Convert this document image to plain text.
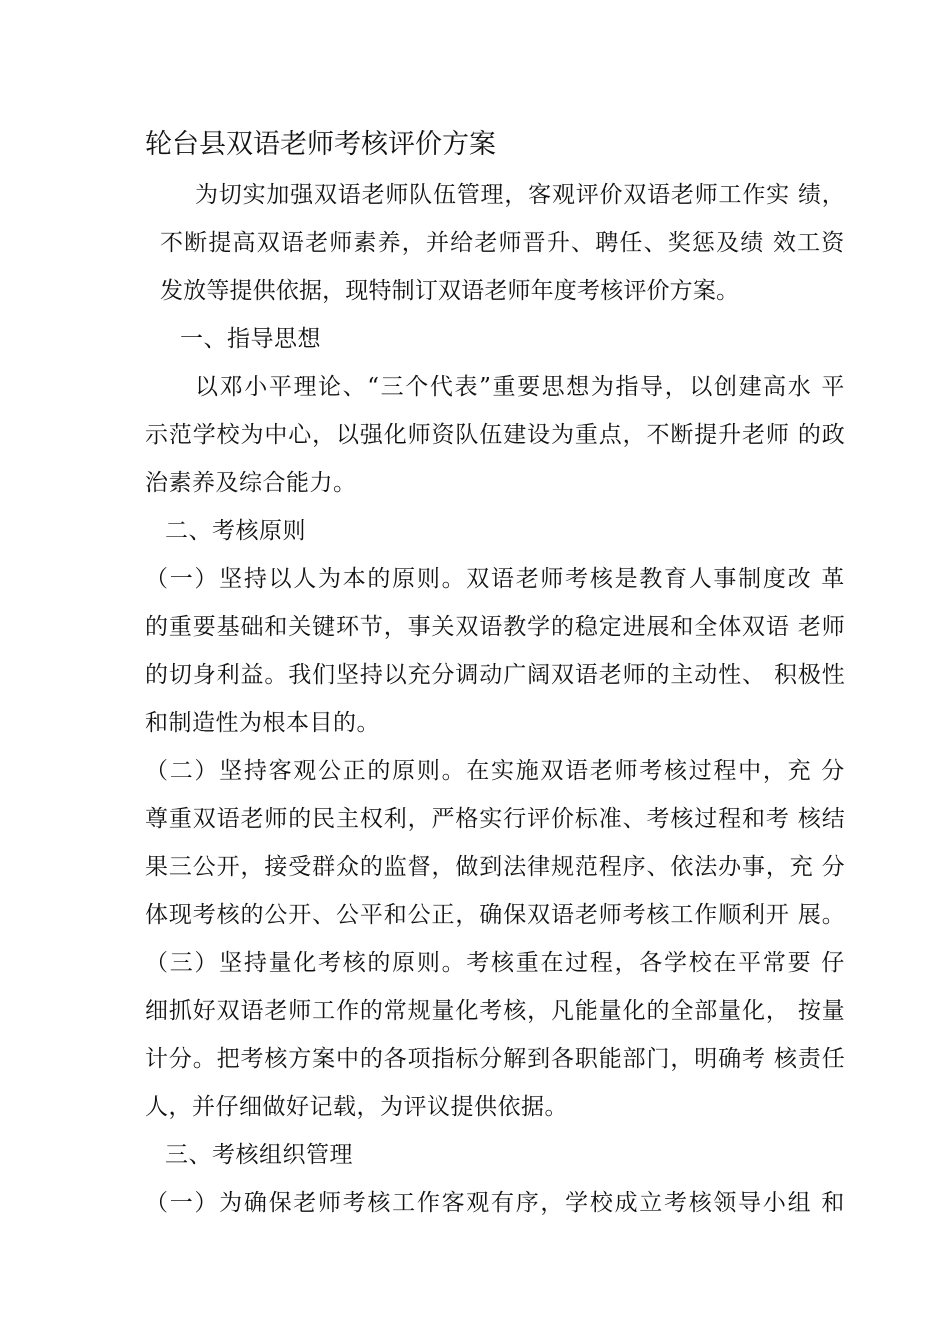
轮台县双语老师考核评价方案
为切实加强双语老师队伍管理，客观评价双语老师工作实 绩，
不断提高双语老师素养，并给老师晋升、聘任、奖惩及绩 效工资
发放等提供依据，现特制订双语老师年度考核评价方案。
一、指导思想
以邓小平理论、“三个代表”重要思想为指导，以创建高水 平
示范学校为中心，以强化师资队伍建设为重点，不断提升老师 的政
治素养及综合能力。
二、考核原则
（一）坚持以人为本的原则。双语老师考核是教育人事制度改 革
的重要基础和关键环节，事关双语教学的稳定进展和全体双语 老师
的切身利益。我们坚持以充分调动广阔双语老师的主动性、 积极性
和制造性为根本目的。
（二）坚持客观公正的原则。在实施双语老师考核过程中，充 分
尊重双语老师的民主权利，严格实行评价标准、考核过程和考 核结
果三公开，接受群众的监督，做到法律规范程序、依法办事，充 分
体现考核的公开、公平和公正，确保双语老师考核工作顺利开 展。
（三）坚持量化考核的原则。考核重在过程，各学校在平常要 仔
细抓好双语老师工作的常规量化考核，凡能量化的全部量化， 按量
计分。把考核方案中的各项指标分解到各职能部门，明确考 核责任
人，并仔细做好记载，为评议提供依据。
三、考核组织管理
（一）为确保老师考核工作客观有序，学校成立考核领导小组 和
